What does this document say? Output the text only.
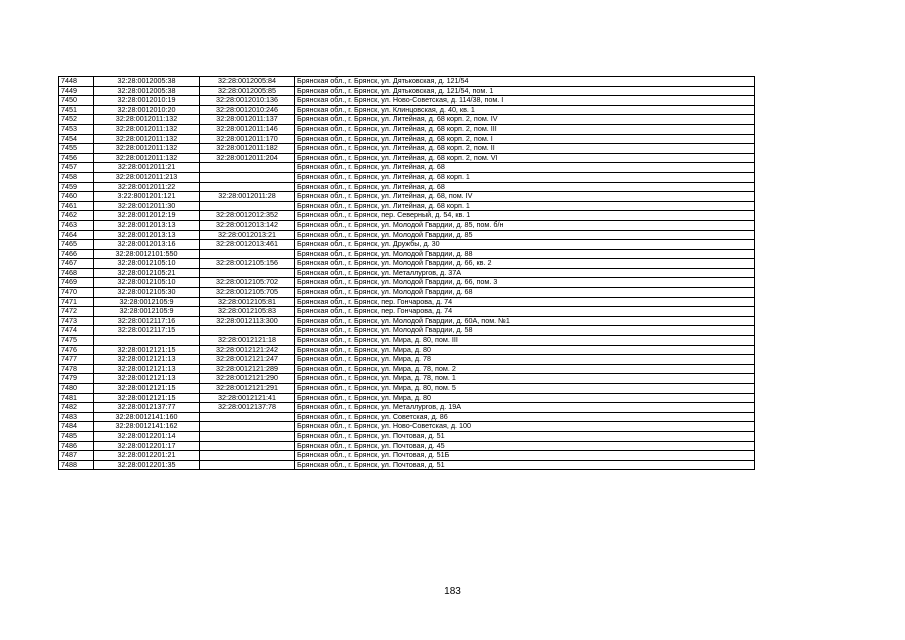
7448	32:28:0012005:38	32:28:0012005:84	Брянская обл., г. Брянск, ул. Дятьковская, д. 121/54
7449	32:28:0012005:38	32:28:0012005:85	Брянская обл., г. Брянск, ул. Дятьковская, д. 121/54, пом. 1
7450	32:28:0012010:19	32:28:0012010:136	Брянская обл., г. Брянск, ул. Ново-Советская, д. 114/38, пом. I
7451	32:28:0012010:20	32:28:0012010:246	Брянская обл., г. Брянск, ул. Клинцовская, д. 40, кв. 1
7452	32:28:0012011:132	32:28:0012011:137	Брянская обл., г. Брянск, ул. Литейная, д. 68 корп. 2, пом. IV
7453	32:28:0012011:132	32:28:0012011:146	Брянская обл., г. Брянск, ул. Литейная, д. 68 корп. 2, пом. III
7454	32:28:0012011:132	32:28:0012011:170	Брянская обл., г. Брянск, ул. Литейная, д. 68 корп. 2, пом. I
7455	32:28:0012011:132	32:28:0012011:182	Брянская обл., г. Брянск, ул. Литейная, д. 68 корп. 2, пом. II
7456	32:28:0012011:132	32:28:0012011:204	Брянская обл., г. Брянск, ул. Литейная, д. 68 корп. 2, пом. VI
7457	32:28:0012011:21		Брянская обл., г. Брянск, ул. Литейная, д. 68
7458	32:28:0012011:213		Брянская обл., г. Брянск, ул. Литейная, д. 68 корп. 1
7459	32:28:0012011:22		Брянская обл., г. Брянск, ул. Литейная, д. 68
7460	3:22:8001201:121	32:28:0012011:28	Брянская обл., г. Брянск, ул. Литейная, д. 68, пом. IV
7461	32:28:0012011:30		Брянская обл., г. Брянск, ул. Литейная, д. 68 корп. 1
7462	32:28:0012012:19	32:28:0012012:352	Брянская обл., г. Брянск, пер. Северный, д. 54, кв. 1
7463	32:28:0012013:13	32:28:0012013:142	Брянская обл., г. Брянск, ул. Молодой Гвардии, д. 85, пом. б/н
7464	32:28:0012013:13	32:28:0012013:21	Брянская обл., г. Брянск, ул. Молодой Гвардии, д. 85
7465	32:28:0012013:16	32:28:0012013:461	Брянская обл., г. Брянск, ул. Дружбы, д. 30
7466	32:28:0012101:550		Брянская обл., г. Брянск, ул. Молодой Гвардии, д. 88
7467	32:28:0012105:10	32:28:0012105:156	Брянская обл., г. Брянск, ул. Молодой Гвардии, д. 66, кв. 2
7468	32:28:0012105:21		Брянская обл., г. Брянск, ул. Металлургов, д. 37А
7469	32:28:0012105:10	32:28:0012105:702	Брянская обл., г. Брянск, ул. Молодой Гвардии, д. 66, пом. 3
7470	32:28:0012105:30	32:28:0012105:705	Брянская обл., г. Брянск, ул. Молодой Гвардии, д. 68
7471	32:28:0012105:9	32:28:0012105:81	Брянская обл., г. Брянск, пер. Гончарова, д. 74
7472	32:28:0012105:9	32:28:0012105:83	Брянская обл., г. Брянск, пер. Гончарова, д. 74
7473	32:28:0012117:16	32:28:0012113:300	Брянская обл., г. Брянск, ул. Молодой Гвардии, д. 60А, пом. №1
7474	32:28:0012117:15		Брянская обл., г. Брянск, ул. Молодой Гвардии, д. 58
7475		32:28:0012121:18	Брянская обл., г. Брянск, ул. Мира, д. 80, пом. III
7476	32:28:0012121:15	32:28:0012121:242	Брянская обл., г. Брянск, ул. Мира, д. 80
7477	32:28:0012121:13	32:28:0012121:247	Брянская обл., г. Брянск, ул. Мира, д. 78
7478	32:28:0012121:13	32:28:0012121:289	Брянская обл., г. Брянск, ул. Мира, д. 78, пом. 2
7479	32:28:0012121:13	32:28:0012121:290	Брянская обл., г. Брянск, ул. Мира, д. 78, пом. 1
7480	32:28:0012121:15	32:28:0012121:291	Брянская обл., г. Брянск, ул. Мира, д. 80, пом. 5
7481	32:28:0012121:15	32:28:0012121:41	Брянская обл., г. Брянск, ул. Мира, д. 80
7482	32:28:0012137:77	32:28:0012137:78	Брянская обл., г. Брянск, ул. Металлургов, д. 19А
7483	32:28:0012141:160		Брянская обл., г. Брянск, ул. Советская, д. 86
7484	32:28:0012141:162		Брянская обл., г. Брянск, ул. Ново-Советская, д. 100
7485	32:28:0012201:14		Брянская обл., г. Брянск, ул. Почтовая, д. 51
7486	32:28:0012201:17		Брянская обл., г. Брянск, ул. Почтовая, д. 45
7487	32:28:0012201:21		Брянская обл., г. Брянск, ул. Почтовая, д. 51Б
7488	32:28:0012201:35		Брянская обл., г. Брянск, ул. Почтовая, д. 51
183
